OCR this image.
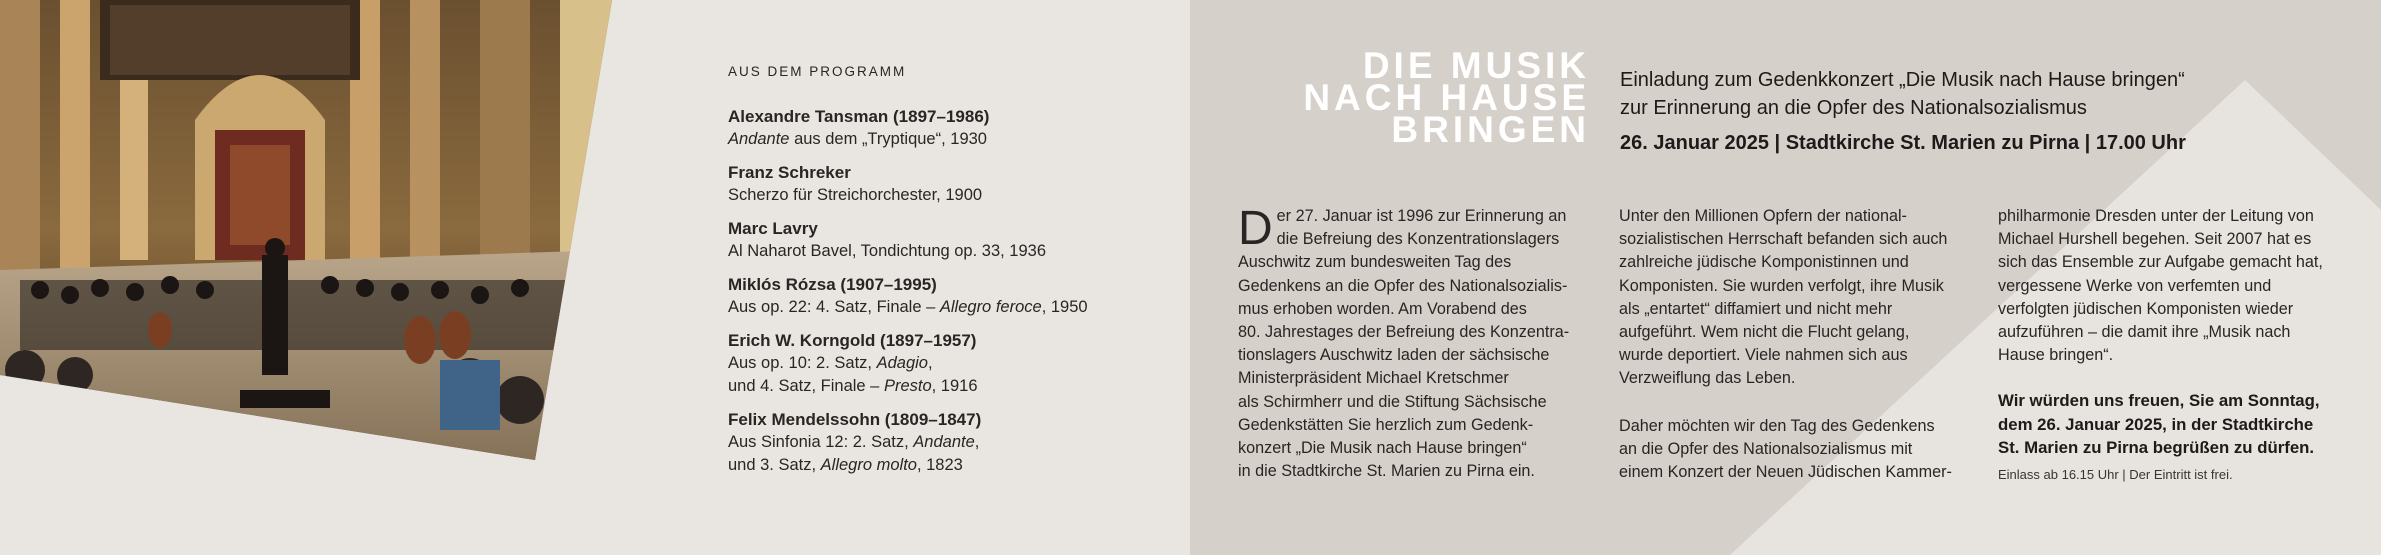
AUS DEM PROGRAMM
Alexandre Tansman (1897–1986)
Andante aus dem „Tryptique“, 1930
Franz Schreker
Scherzo für Streichorchester, 1900
Marc Lavry
Al Naharot Bavel, Tondichtung op. 33, 1936
Miklós Rózsa (1907–1995)
Aus op. 22: 4. Satz, Finale – Allegro feroce, 1950
Erich W. Korngold (1897–1957)
Aus op. 10: 2. Satz, Adagio,
und 4. Satz, Finale – Presto, 1916
Felix Mendelssohn (1809–1847)
Aus Sinfonia 12: 2. Satz, Andante,
und 3. Satz, Allegro molto, 1823
DIE MUSIK
NACH HAUSE
BRINGEN
Einladung zum Gedenkkonzert „Die Musik nach Hause bringen“
zur Erinnerung an die Opfer des Nationalsozialismus
26. Januar 2025 | Stadtkirche St. Marien zu Pirna | 17.00 Uhr
D er 27. Januar ist 1996 zur Erinnerung an

die Befreiung des Konzentrationslagers

Auschwitz zum bundesweiten Tag des

Gedenkens an die Opfer des Nationalsozialis-

mus erhoben worden. Am Vorabend des

80. Jahrestages der Befreiung des Konzentra-

tionslagers Auschwitz laden der sächsische

Ministerpräsident Michael Kretschmer

als Schirmherr und die Stiftung Sächsische

Gedenkstätten Sie herzlich zum Gedenk-

konzert „Die Musik nach Hause bringen“

in die Stadtkirche St. Marien zu Pirna ein.

Unter den Millionen Opfern der national-

sozialistischen Herrschaft befanden sich auch

zahlreiche jüdische Komponistinnen und

Komponisten. Sie wurden verfolgt, ihre Musik

als „entartet“ diffamiert und nicht mehr

aufgeführt. Wem nicht die Flucht gelang,

wurde deportiert. Viele nahmen sich aus

Verzweiflung das Leben.

Daher möchten wir den Tag des Gedenkens

an die Opfer des Nationalsozialismus mit

einem Konzert der Neuen Jüdischen Kammer-

philharmonie Dresden unter der Leitung von

Michael Hurshell begehen. Seit 2007 hat es

sich das Ensemble zur Aufgabe gemacht hat,

vergessene Werke von verfemten und

verfolgten jüdischen Komponisten wieder

aufzuführen – die damit ihre „Musik nach

Hause bringen“.

Wir würden uns freuen, Sie am Sonntag,

dem 26. Januar 2025, in der Stadtkirche

St. Marien zu Pirna begrüßen zu dürfen.

Einlass ab 16.15 Uhr | Der Eintritt ist frei.
